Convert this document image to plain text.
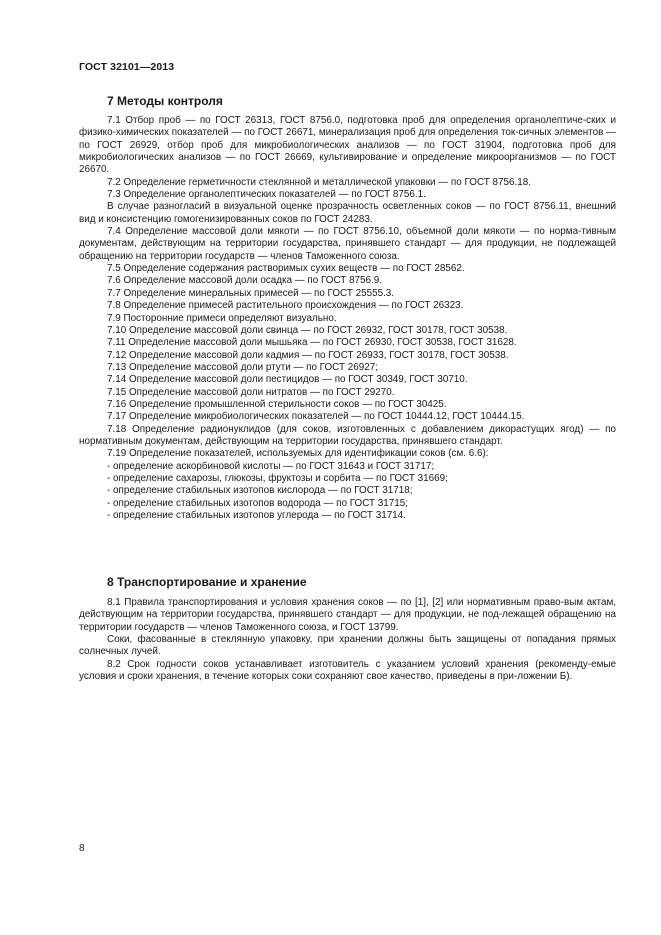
ГОСТ 32101—2013
7 Методы контроля

7.1 Отбор проб — по ГОСТ 26313, ГОСТ 8756.0, подготовка проб для определения органолептиче-ских и физико-химических показателей — по ГОСТ 26671, минерализация проб для определения ток-сичных элементов — по ГОСТ 26929, отбор проб для микробиологических анализов — по ГОСТ 31904, подготовка проб для микробиологических анализов — по ГОСТ 26669, культивирование и определение микроорганизмов — по ГОСТ 26670.

7.2 Определение герметичности стеклянной и металлической упаковки — по ГОСТ 8756.18.

7.3 Определение органолептических показателей — по ГОСТ 8756.1.

В случае разногласий в визуальной оценке прозрачность осветленных соков — по ГОСТ 8756.11, внешний вид и консистенцию гомогенизированных соков по ГОСТ 24283.

7.4 Определение массовой доли мякоти — по ГОСТ 8756.10, объемной доли мякоти — по норма-тивным документам, действующим на территории государства, принявшего стандарт — для продукции, не подлежащей обращению на территории государств — членов Таможенного союза.

7.5 Определение содержания растворимых сухих веществ — по ГОСТ 28562.

7.6 Определение массовой доли осадка — по ГОСТ 8756.9.

7.7 Определение минеральных примесей — по ГОСТ 25555.3.

7.8 Определение примесей растительного происхождения — по ГОСТ 26323.

7.9 Посторонние примеси определяют визуально.

7.10 Определение массовой доли свинца — по ГОСТ 26932, ГОСТ 30178, ГОСТ 30538.

7.11 Определение массовой доли мышьяка — по ГОСТ 26930, ГОСТ 30538, ГОСТ 31628.

7.12 Определение массовой доли кадмия — по ГОСТ 26933, ГОСТ 30178, ГОСТ 30538.

7.13 Определение массовой доли ртути — по ГОСТ 26927;

7.14 Определение массовой доли пестицидов — по ГОСТ 30349, ГОСТ 30710.

7.15 Определение массовой доли нитратов — по ГОСТ 29270.

7.16 Определение промышленной стерильности соков — по ГОСТ 30425.

7.17 Определение микробиологических показателей — по ГОСТ 10444.12, ГОСТ 10444.15.

7.18 Определение радионуклидов (для соков, изготовленных с добавлением дикорастущих ягод) — по нормативным документам, действующим на территории государства, принявшего стандарт.

7.19 Определение показателей, используемых для идентификации соков (см. 6.6):

- определение аскорбиновой кислоты — по ГОСТ 31643 и ГОСТ 31717;

- определение сахарозы, глюкозы, фруктозы и сорбита — по ГОСТ 31669;

- определение стабильных изотопов кислорода — по ГОСТ 31718;

- определение стабильных изотопов водорода — по ГОСТ 31715;

- определение стабильных изотопов углерода — по ГОСТ 31714.

8 Транспортирование и хранение

8.1 Правила транспортирования и условия хранения соков — по [1], [2] или нормативным право-вым актам, действующим на территории государства, принявшего стандарт — для продукции, не под-лежащей обращению на территории государств — членов Таможенного союза, и ГОСТ 13799.

Соки, фасованные в стеклянную упаковку, при хранении должны быть защищены от попадания прямых солнечных лучей.

8.2 Срок годности соков устанавливает изготовитель с указанием условий хранения (рекоменду-емые условия и сроки хранения, в течение которых соки сохраняют свое качество, приведены в при-ложении Б).

8
